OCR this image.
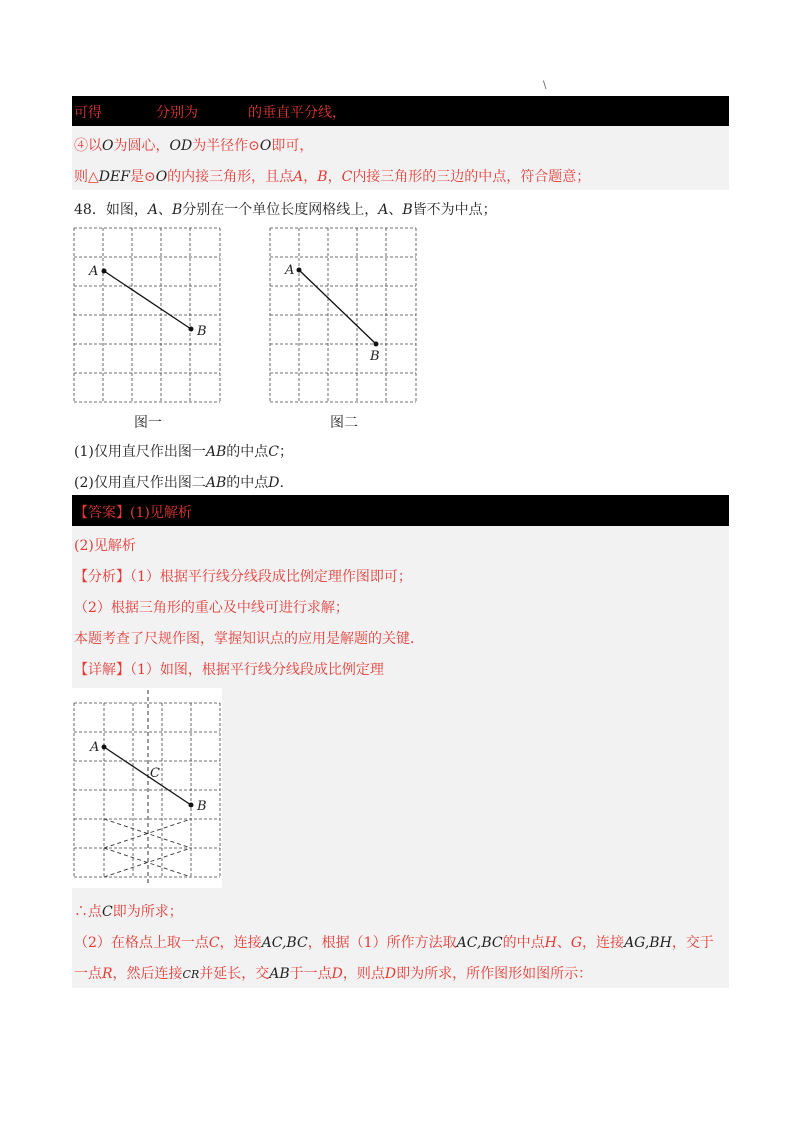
\
可得	分别为	的垂直平分线，
④以O为圆心，OD为半径作⊙O即可，
则△DEF是⊙O的内接三角形，且点A，B，C内接三角形的三边的中点，符合题意；
48．如图，A、B分别在一个单位长度网格线上，A、B皆不为中点；
A
B
图一
A
B
图二
(1)仅用直尺作出图一AB的中点C；
(2)仅用直尺作出图二AB的中点D.
【答案】(1)见解析
(2)见解析
【分析】（1）根据平行线分线段成比例定理作图即可；
（2）根据三角形的重心及中线可进行求解；
本题考查了尺规作图，掌握知识点的应用是解题的关键．
【详解】（1）如图，根据平行线分线段成比例定理
A
B
C
∴点C即为所求；
（2）在格点上取一点C，连接AC,BC，根据（1）所作方法取AC,BC的中点H、G，连接AG,BH，交于
一点R，然后连接CR并延长，交AB于一点D，则点D即为所求，所作图形如图所示：
